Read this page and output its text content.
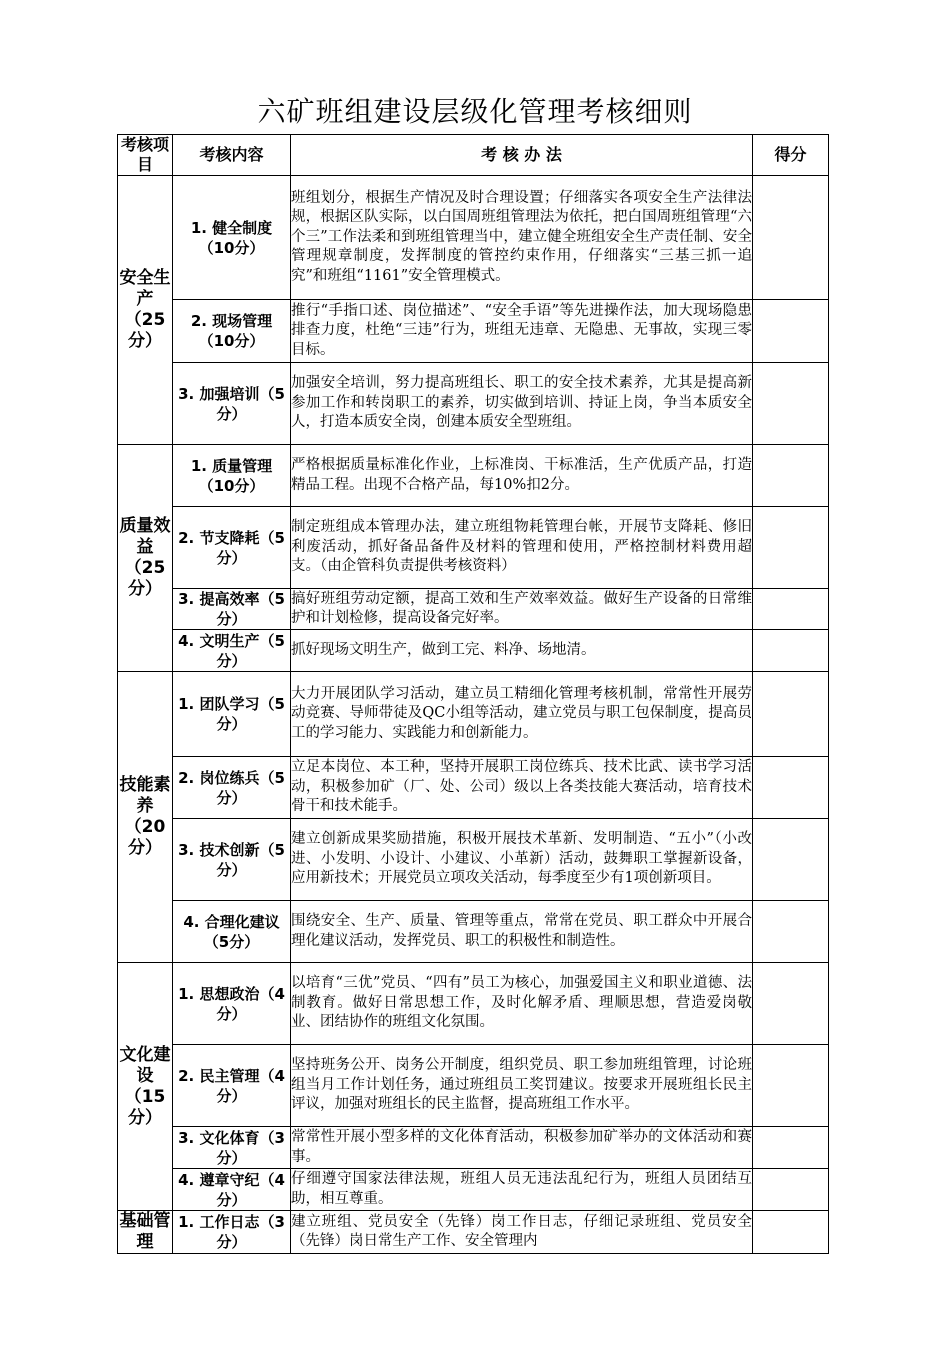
六矿班组建设层级化管理考核细则
考核项目	考核内容	考 核 办 法	得分
安全生产（25分）	1. 健全制度（10分）	班组划分，根据生产情况及时合理设置；仔细落实各项安全生产法律法规，根据区队实际，以白国周班组管理法为依托，把白国周班组管理“六个三”工作法柔和到班组管理当中，建立健全班组安全生产责任制、安全管理规章制度，发挥制度的管控约束作用，仔细落实“三基三抓一追究”和班组“1161”安全管理模式。	
	2. 现场管理（10分）	推行“手指口述、岗位描述”、“安全手语”等先进操作法，加大现场隐患排查力度，杜绝“三违”行为，班组无违章、无隐患、无事故，实现三零目标。	
	3. 加强培训（5分）	加强安全培训，努力提高班组长、职工的安全技术素养，尤其是提高新参加工作和转岗职工的素养，切实做到培训、持证上岗，争当本质安全人，打造本质安全岗，创建本质安全型班组。	
质量效益（25分）	1. 质量管理（10分）	严格根据质量标准化作业，上标准岗、干标准活，生产优质产品，打造精品工程。出现不合格产品，每10%扣2分。	
	2. 节支降耗（5分）	制定班组成本管理办法，建立班组物耗管理台帐，开展节支降耗、修旧利废活动，抓好备品备件及材料的管理和使用，严格控制材料费用超支。（由企管科负责提供考核资料）	
	3. 提高效率（5分）	搞好班组劳动定额，提高工效和生产效率效益。做好生产设备的日常维护和计划检修，提高设备完好率。	
	4. 文明生产（5分）	抓好现场文明生产，做到工完、料净、场地清。	
技能素养（20分）	1. 团队学习（5分）	大力开展团队学习活动，建立员工精细化管理考核机制，常常性开展劳动竞赛、导师带徒及QC小组等活动，建立党员与职工包保制度，提高员工的学习能力、实践能力和创新能力。	
	2. 岗位练兵（5分）	立足本岗位、本工种，坚持开展职工岗位练兵、技术比武、读书学习活动，积极参加矿（厂、处、公司）级以上各类技能大赛活动，培育技术骨干和技术能手。	
	3. 技术创新（5分）	建立创新成果奖励措施，积极开展技术革新、发明制造、“五小”（小改进、小发明、小设计、小建议、小革新）活动，鼓舞职工掌握新设备，应用新技术；开展党员立项攻关活动，每季度至少有1项创新项目。	
	4. 合理化建议（5分）	围绕安全、生产、质量、管理等重点，常常在党员、职工群众中开展合理化建议活动，发挥党员、职工的积极性和制造性。	
文化建设（15分）	1. 思想政治（4分）	以培育“三优”党员、“四有”员工为核心，加强爱国主义和职业道德、法制教育。做好日常思想工作，及时化解矛盾、理顺思想，营造爱岗敬业、团结协作的班组文化氛围。	
	2. 民主管理（4分）	坚持班务公开、岗务公开制度，组织党员、职工参加班组管理，讨论班组当月工作计划任务，通过班组员工奖罚建议。按要求开展班组长民主评议，加强对班组长的民主监督，提高班组工作水平。	
	3. 文化体育（3分）	常常性开展小型多样的文化体育活动，积极参加矿举办的文体活动和赛事。	
	4. 遵章守纪（4分）	仔细遵守国家法律法规，班组人员无违法乱纪行为，班组人员团结互助，相互尊重。	
基础管理	1. 工作日志（3分）	建立班组、党员安全（先锋）岗工作日志，仔细记录班组、党员安全（先锋）岗日常生产工作、安全管理内	
